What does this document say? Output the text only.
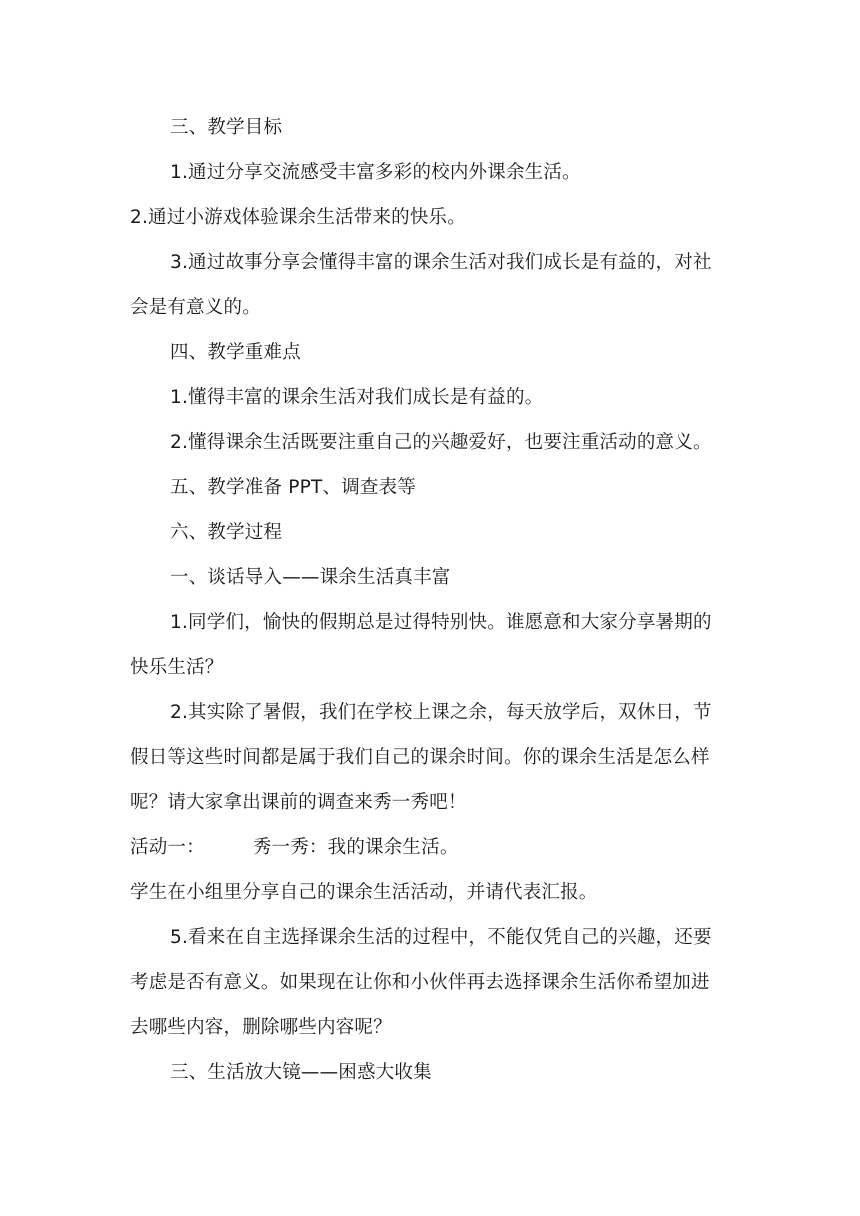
三、教学目标
1.通过分享交流感受丰富多彩的校内外课余生活。
2.通过小游戏体验课余生活带来的快乐。
3.通过故事分享会懂得丰富的课余生活对我们成长是有益的，对社
会是有意义的。
四、教学重难点
1.懂得丰富的课余生活对我们成长是有益的。
2.懂得课余生活既要注重自己的兴趣爱好，也要注重活动的意义。
五、教学准备 PPT、调查表等
六、教学过程
一、谈话导入——课余生活真丰富
1.同学们，愉快的假期总是过得特别快。谁愿意和大家分享暑期的
快乐生活？
2.其实除了暑假，我们在学校上课之余，每天放学后，双休日，节
假日等这些时间都是属于我们自己的课余时间。你的课余生活是怎么样
呢？请大家拿出课前的调查来秀一秀吧！
活动一：	秀一秀：我的课余生活。
学生在小组里分享自己的课余生活活动，并请代表汇报。
5.看来在自主选择课余生活的过程中，不能仅凭自己的兴趣，还要
考虑是否有意义。如果现在让你和小伙伴再去选择课余生活你希望加进
去哪些内容，删除哪些内容呢？
三、生活放大镜——困惑大收集
